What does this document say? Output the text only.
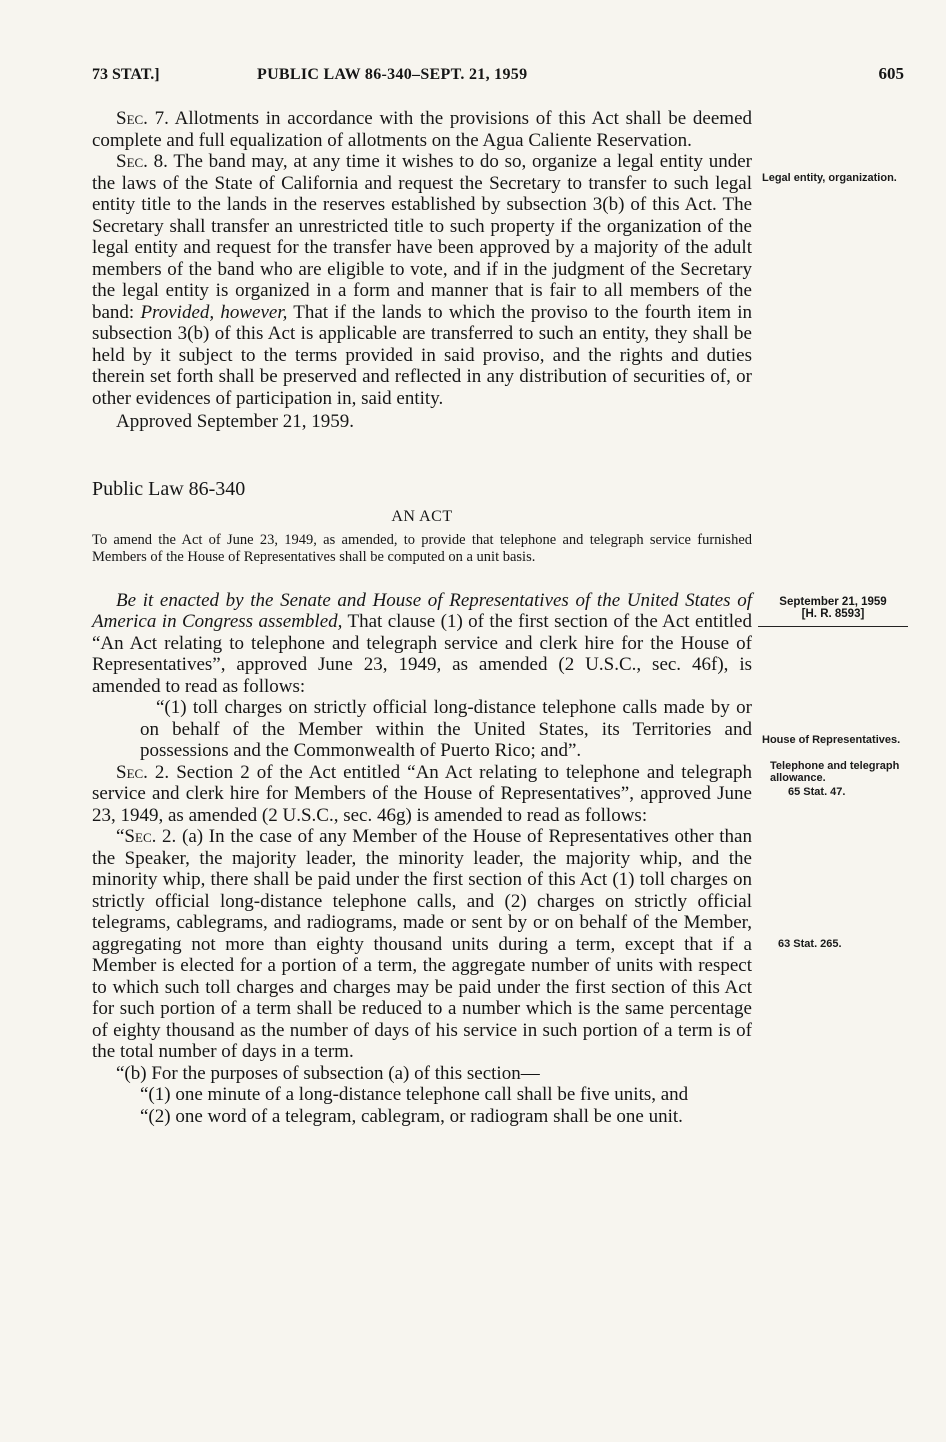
73 STAT.]	PUBLIC LAW 86-340–SEPT. 21, 1959	605

Sec. 7. Allotments in accordance with the provisions of this Act shall be deemed complete and full equalization of allotments on the Agua Caliente Reservation.

Sec. 8. The band may, at any time it wishes to do so, organize a legal entity under the laws of the State of California and request the Secretary to transfer to such legal entity title to the lands in the reserves established by subsection 3(b) of this Act. The Secretary shall transfer an unrestricted title to such property if the organization of the legal entity and request for the transfer have been approved by a majority of the adult members of the band who are eligible to vote, and if in the judgment of the Secretary the legal entity is organized in a form and manner that is fair to all members of the band: Provided, however, That if the lands to which the proviso to the fourth item in subsection 3(b) of this Act is applicable are transferred to such an entity, they shall be held by it subject to the terms provided in said proviso, and the rights and duties therein set forth shall be preserved and reflected in any distribution of securities of, or other evidences of participation in, said entity.

Approved September 21, 1959.

Public Law 86-340

AN ACT

To amend the Act of June 23, 1949, as amended, to provide that telephone and telegraph service furnished Members of the House of Representatives shall be computed on a unit basis.

Be it enacted by the Senate and House of Representatives of the United States of America in Congress assembled, That clause (1) of the first section of the Act entitled “An Act relating to telephone and telegraph service and clerk hire for the House of Representatives”, approved June 23, 1949, as amended (2 U.S.C., sec. 46f), is amended to read as follows:

“(1) toll charges on strictly official long-distance telephone calls made by or on behalf of the Member within the United States, its Territories and possessions and the Commonwealth of Puerto Rico; and”.

Sec. 2. Section 2 of the Act entitled “An Act relating to telephone and telegraph service and clerk hire for Members of the House of Representatives”, approved June 23, 1949, as amended (2 U.S.C., sec. 46g) is amended to read as follows:

“Sec. 2. (a) In the case of any Member of the House of Representatives other than the Speaker, the majority leader, the minority leader, the majority whip, and the minority whip, there shall be paid under the first section of this Act (1) toll charges on strictly official long-distance telephone calls, and (2) charges on strictly official telegrams, cablegrams, and radiograms, made or sent by or on behalf of the Member, aggregating not more than eighty thousand units during a term, except that if a Member is elected for a portion of a term, the aggregate number of units with respect to which such toll charges and charges may be paid under the first section of this Act for such portion of a term shall be reduced to a number which is the same percentage of eighty thousand as the number of days of his service in such portion of a term is of the total number of days in a term.

“(b) For the purposes of subsection (a) of this section—

“(1) one minute of a long-distance telephone call shall be five units, and

“(2) one word of a telegram, cablegram, or radiogram shall be one unit.

Legal entity, organization.
September 21, 1959
[H. R. 8593]
House of Representatives.
Telephone and telegraph allowance.
65 Stat. 47.
63 Stat. 265.
